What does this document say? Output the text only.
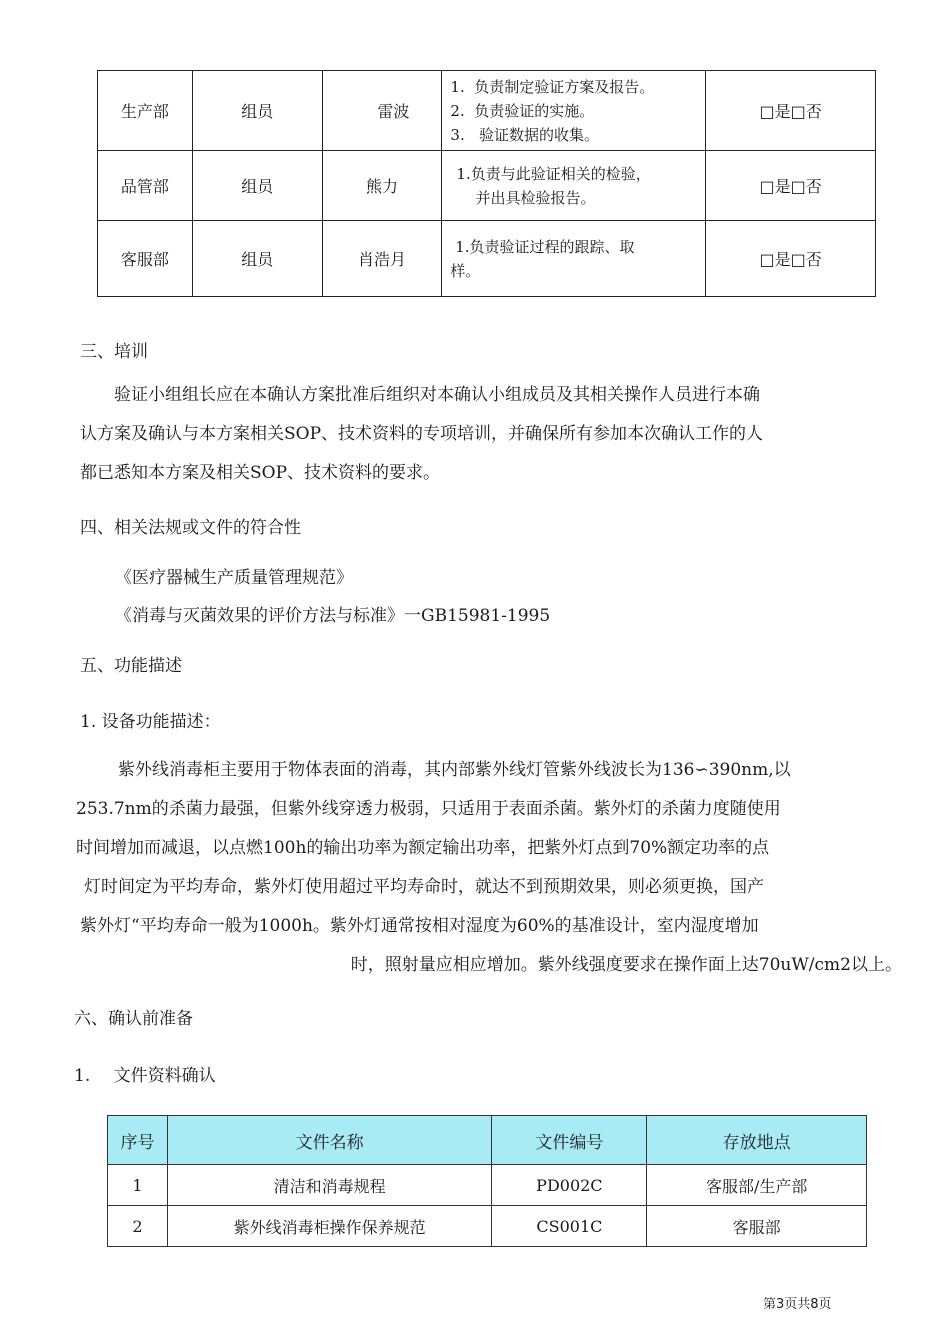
生产部	组员	雷波	1.  负责制定验证方案及报告。
2.  负责验证的实施。
3.   验证数据的收集。	□是□否
品管部	组员	熊力	1.负责与此验证相关的检验，
并出具检验报告。	□是□否
客服部	组员	肖浩月	1.负责验证过程的跟踪、取
样。	□是□否
三、培训
验证小组组长应在本确认方案批准后组织对本确认小组成员及其相关操作人员进行本确
认方案及确认与本方案相关SOP、技术资料的专项培训，并确保所有参加本次确认工作的人
都已悉知本方案及相关SOP、技术资料的要求。
四、相关法规或文件的符合性
《医疗器械生产质量管理规范》
《消毒与灭菌效果的评价方法与标准》一GB15981-1995
五、功能描述
1. 设备功能描述：
紫外线消毒柜主要用于物体表面的消毒，其内部紫外线灯管紫外线波长为136∽390nm,以
253.7nm的杀菌力最强，但紫外线穿透力极弱，只适用于表面杀菌。紫外灯的杀菌力度随使用
时间增加而减退，以点燃100h的输出功率为额定输出功率，把紫外灯点到70%额定功率的点
灯时间定为平均寿命，紫外灯使用超过平均寿命时，就达不到预期效果，则必须更换，国产
紫外灯“平均寿命一般为1000h。紫外灯通常按相对湿度为60%的基准设计，室内湿度增加
时，照射量应相应增加。紫外线强度要求在操作面上达70uW/cm2以上。
六、确认前准备
1. 文件资料确认
序号	文件名称	文件编号	存放地点
1	清洁和消毒规程	PD002C	客服部/生产部
2	紫外线消毒柜操作保养规范	CS001C	客服部
第3页共8页
